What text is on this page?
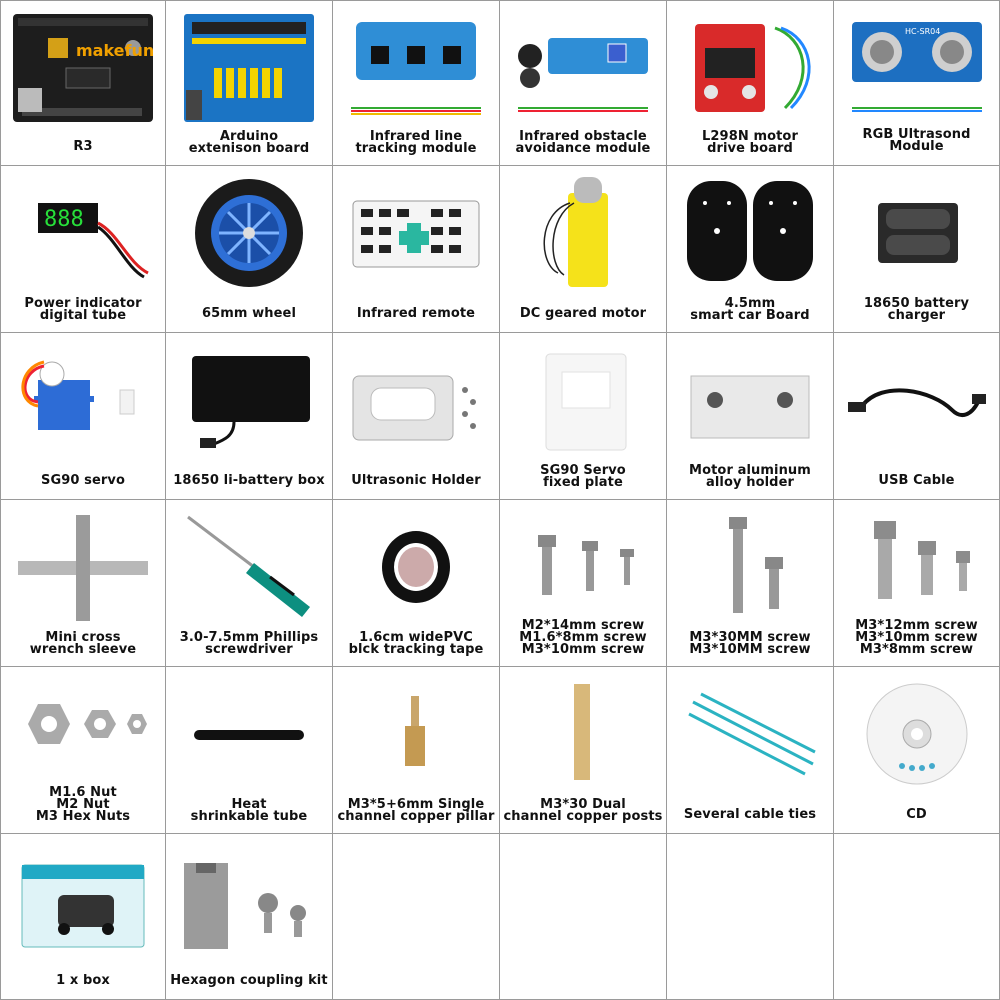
makefun
R3
Arduino
extenison board
Infrared line
tracking module
Infrared obstacle
avoidance module
L298N motor
drive board
HC-SR04
RGB Ultrasond Module
888
Power indicator
digital tube	65mm wheel	Infrared remote	DC geared motor
4.5mm
smart car Board
18650 battery
charger
SG90 servo	18650 li-battery box	Ultrasonic Holder
SG90 Servo
fixed plate
Motor aluminum
alloy holder	USB Cable
Mini cross
wrench sleeve
3.0-7.5mm Phillips
screwdriver
1.6cm widePVC
blck tracking tape
M2*14mm screw
M1.6*8mm screw
M3*10mm screw
M3*30MM screw
M3*10MM screw
M3*12mm screw
M3*10mm screw
M3*8mm screw
M1.6 Nut
M2 Nut
M3 Hex Nuts
Heat
shrinkable tube
M3*5+6mm Single
channel copper pillar
M3*30 Dual
channel copper posts	Several cable ties	CD
1 x box	Hexagon coupling kit
